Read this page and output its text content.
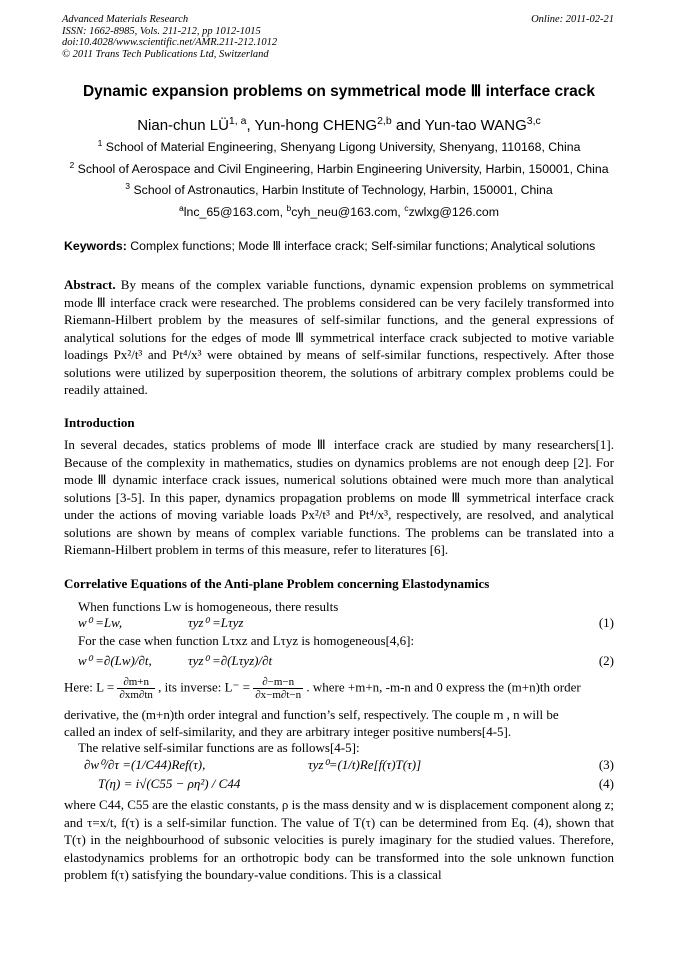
Advanced Materials Research
ISSN: 1662-8985, Vols. 211-212, pp 1012-1015
doi:10.4028/www.scientific.net/AMR.211-212.1012
© 2011 Trans Tech Publications Ltd, Switzerland
Online: 2011-02-21
Dynamic expansion problems on symmetrical mode Ⅲ interface crack
Nian-chun LÜ$^{1, a}$, Yun-hong CHENG$^{2,b}$ and Yun-tao WANG$^{3,c}$
$^1$ School of Material Engineering, Shenyang Ligong University, Shenyang, 110168, China
$^2$ School of Aerospace and Civil Engineering, Harbin Engineering University, Harbin, 150001, China
$^3$ School of Astronautics, Harbin Institute of Technology, Harbin, 150001, China
$^a$lnc_65@163.com, $^b$cyh_neu@163.com, $^c$zwlxg@126.com
Keywords: Complex functions; Mode Ⅲ interface crack; Self-similar functions; Analytical solutions
Abstract. By means of the complex variable functions, dynamic expension problems on symmetrical mode Ⅲ interface crack were researched. The problems considered can be very facilely transformed into Riemann-Hilbert problem by the measures of self-similar functions, and the general expressions of analytical solutions for the edges of mode Ⅲ symmetrical interface crack subjected to motive variable loadings Px²/t³ and Pt⁴/x³ were obtained by means of self-similar functions, respectively. After those solutions were utilized by superposition theorem, the solutions of arbitrary complex problems could be readily attained.
Introduction
In several decades, statics problems of mode Ⅲ interface crack are studied by many researchers[1]. Because of the complexity in mathematics, studies on dynamics problems are not enough deep [2]. For mode Ⅲ dynamic interface crack issues, numerical solutions obtained were much more than analytical solutions [3-5]. In this paper, dynamics propagation problems on mode Ⅲ symmetrical interface crack under the actions of moving variable loads Px²/t³ and Pt⁴/x³, respectively, are resolved, and analytical solutions are shown by means of complex variable functions. The problems can be translated into a Riemann-Hilbert problem in terms of this measure, refer to literatures [6].
Correlative Equations of the Anti-plane Problem concerning Elastodynamics
When functions Lw is homogeneous, there results
w⁰ =Lw,	τyz⁰ =Lτyz	(1)
For the case when function Lτxz and Lτyz is homogeneous[4,6]:
w⁰ =∂(Lw)/∂t,	τyz⁰ =∂(Lτyz)/∂t	(2)
Here: $L = \frac{\partial m+n}{\partial xm\partial tn}$ , its inverse: $L^- = \frac{\partial-m-n}{\partial x-m\partial t-n}$ . where +m+n, -m-n and 0 express the (m+n)th order
derivative, the (m+n)th order integral and function’s self, respectively. The couple m , n will be
called an index of self-similarity, and they are arbitrary integer positive numbers[4-5].
The relative self-similar functions are as follows[4-5]:
∂w⁰/∂τ =(1/C44)Ref(τ),	τyz⁰=(1/t)Re[f(τ)T(τ)]	(3)
T(η) = i√(C55 − ρη²) / C44	(4)
where C44, C55 are the elastic constants, ρ is the mass density and w is displacement component along z; and τ=x/t, f(τ) is a self-similar function. The value of T(τ) can be determined from Eq. (4), shown that T(τ) in the neighbourhood of subsonic velocities is purely imaginary for the studied values. Therefore, elastodynamics problems for an orthotropic body can be transformed into the sole unknown function problem f(τ) satisfying the boundary-value conditions. This is a classical
